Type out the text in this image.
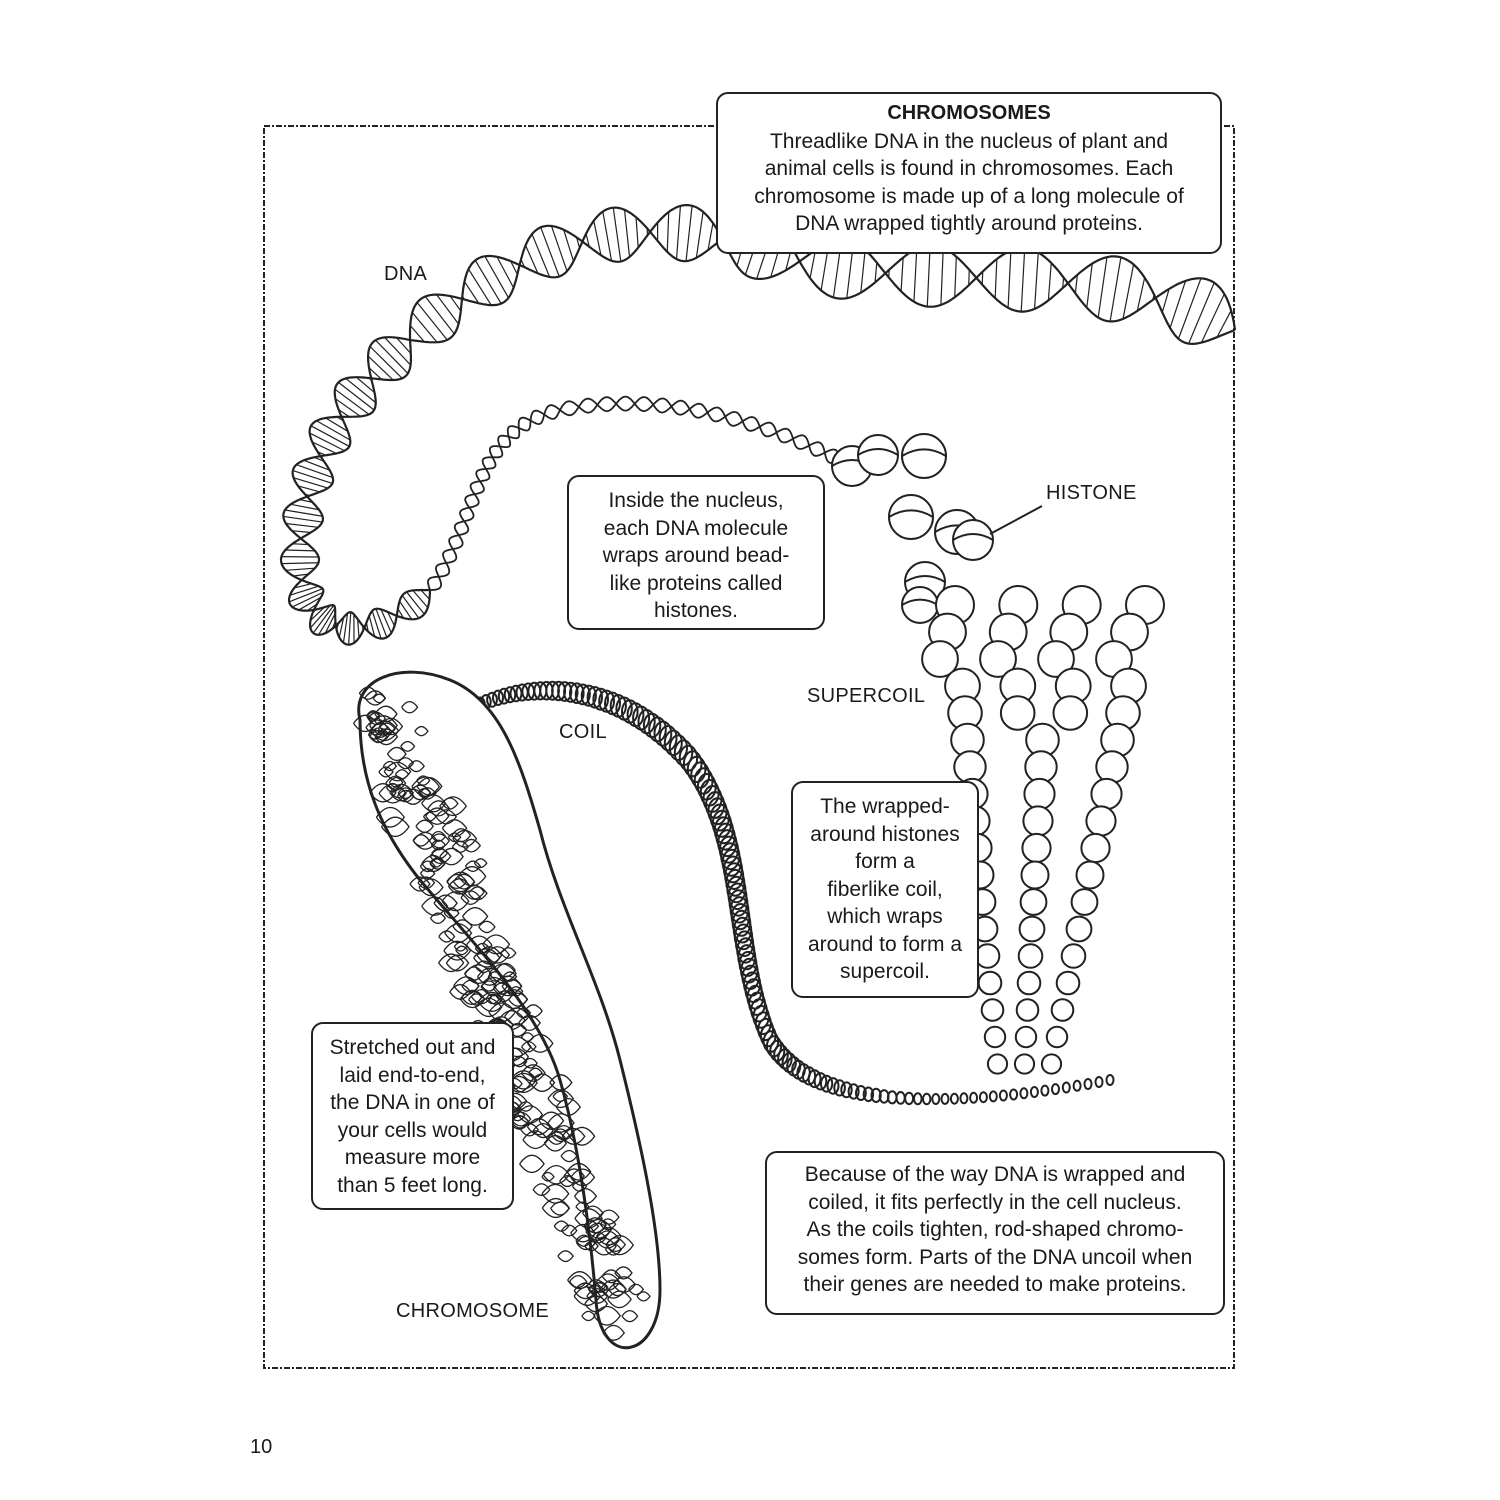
CHROMOSOMES
Threadlike DNA in the nucleus of plant and
animal cells is found in chromosomes. Each
chromosome is made up of a long molecule of
DNA wrapped tightly around proteins.
Inside the nucleus,
each DNA molecule
wraps around bead-
like proteins called
histones.
The wrapped-
around histones
form a
fiberlike coil,
which wraps
around to form a
supercoil.
Stretched out and
laid end-to-end,
the DNA in one of
your cells would
measure more
than 5 feet long.	Because of the way DNA is wrapped and
coiled, it fits perfectly in the cell nucleus.
As the coils tighten, rod-shaped chromo-
somes form. Parts of the DNA uncoil when
their genes are needed to make proteins.
DNA
HISTONE
SUPERCOIL
COIL
CHROMOSOME
10
